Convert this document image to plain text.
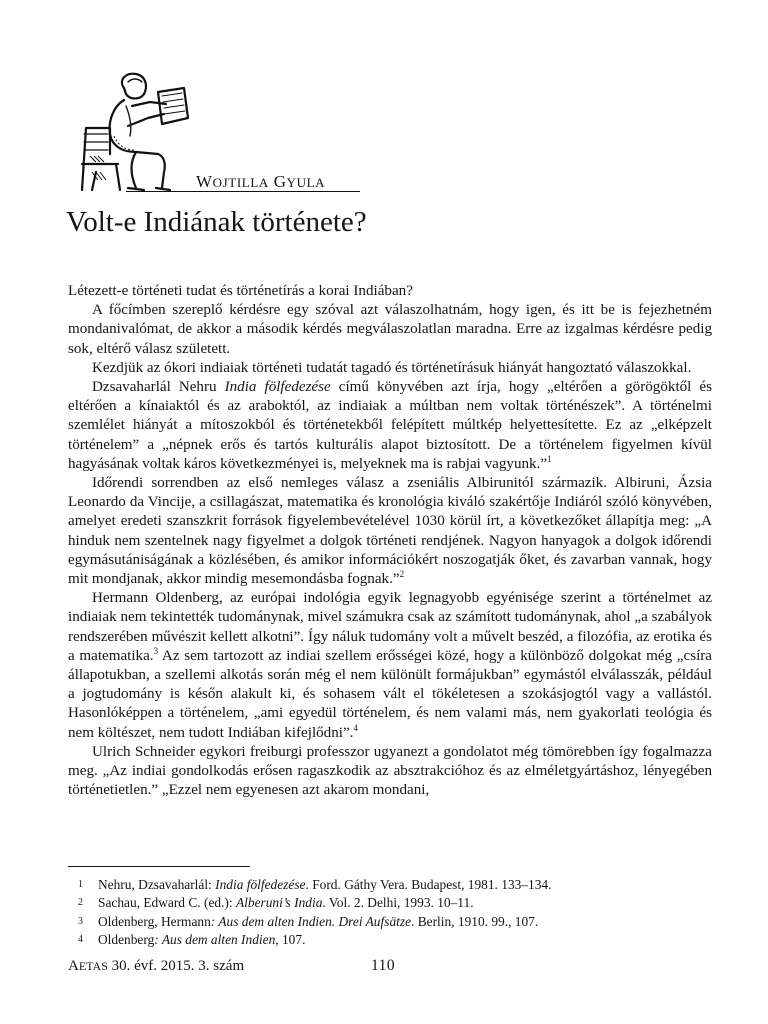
WOJTILLA GYULA
Volt-e Indiának története?

Létezett-e történeti tudat és történetírás a korai Indiában?

A főcímben szereplő kérdésre egy szóval azt válaszolhatnám, hogy igen, és itt be is fejezhetném mondanivalómat, de akkor a második kérdés megválaszolatlan maradna. Erre az izgalmas kérdésre pedig sok, eltérő válasz született.

Kezdjük az ókori indiaiak történeti tudatát tagadó és történetírásuk hiányát hangoztató válaszokkal.

Dzsavaharlál Nehru India fölfedezése című könyvében azt írja, hogy „eltérően a görögöktől és eltérően a kínaiaktól és az araboktól, az indiaiak a múltban nem voltak történészek”. A történelmi szemlélet hiányát a mítoszokból és történetekből felépített múltkép helyettesítette. Ez az „elképzelt történelem” a „népnek erős és tartós kulturális alapot biztosított. De a történelem figyelmen kívül hagyásának voltak káros következményei is, melyeknek ma is rabjai vagyunk.”$^1$

Időrendi sorrendben az első nemleges válasz a zseniális Albirunitól származik. Albiruni, Ázsia Leonardo da Vincije, a csillagászat, matematika és kronológia kiváló szakértője Indiáról szóló könyvében, amelyet eredeti szanszkrit források figyelembevételével 1030 körül írt, a következőket állapítja meg: „A hinduk nem szentelnek nagy figyelmet a dolgok történeti rendjének. Nagyon hanyagok a dolgok időrendi egymásutániságának a közlésében, és amikor információkért noszogatják őket, és zavarban vannak, hogy mit mondjanak, akkor mindig mesemondásba fognak.”$^2$

Hermann Oldenberg, az európai indológia egyik legnagyobb egyénisége szerint a történelmet az indiaiak nem tekintették tudománynak, mivel számukra csak az számított tudománynak, ahol „a szabályok rendszerében művészit kellett alkotni”. Így náluk tudomány volt a művelt beszéd, a filozófia, az erotika és a matematika.$^3$ Az sem tartozott az indiai szellem erősségei közé, hogy a különböző dolgokat még „csíra állapotukban, a szellemi alkotás során még el nem különült formájukban” egymástól elválasszák, például a jogtudomány is későn alakult ki, és sohasem vált el tökéletesen a szokásjogtól vagy a vallástól. Hasonlóképpen a történelem, „ami egyedül történelem, és nem valami más, nem gyakorlati teológia és nem költészet, nem tudott Indiában kifejlődni”.$^4$

Ulrich Schneider egykori freiburgi professzor ugyanezt a gondolatot még tömörebben így fogalmazza meg. „Az indiai gondolkodás erősen ragaszkodik az absztrakcióhoz és az elméletgyártáshoz, lényegében történetietlen.” „Ezzel nem egyenesen azt akarom mondani,

1 Nehru, Dzsavaharlál: India fölfedezése. Ford. Gáthy Vera. Budapest, 1981. 133–134.
2 Sachau, Edward C. (ed.): Alberuni’s India. Vol. 2. Delhi, 1993. 10–11.
3 Oldenberg, Hermann: Aus dem alten Indien. Drei Aufsätze. Berlin, 1910. 99., 107.
4 Oldenberg: Aus dem alten Indien, 107.
AETAS 30. évf. 2015. 3. szám	110
